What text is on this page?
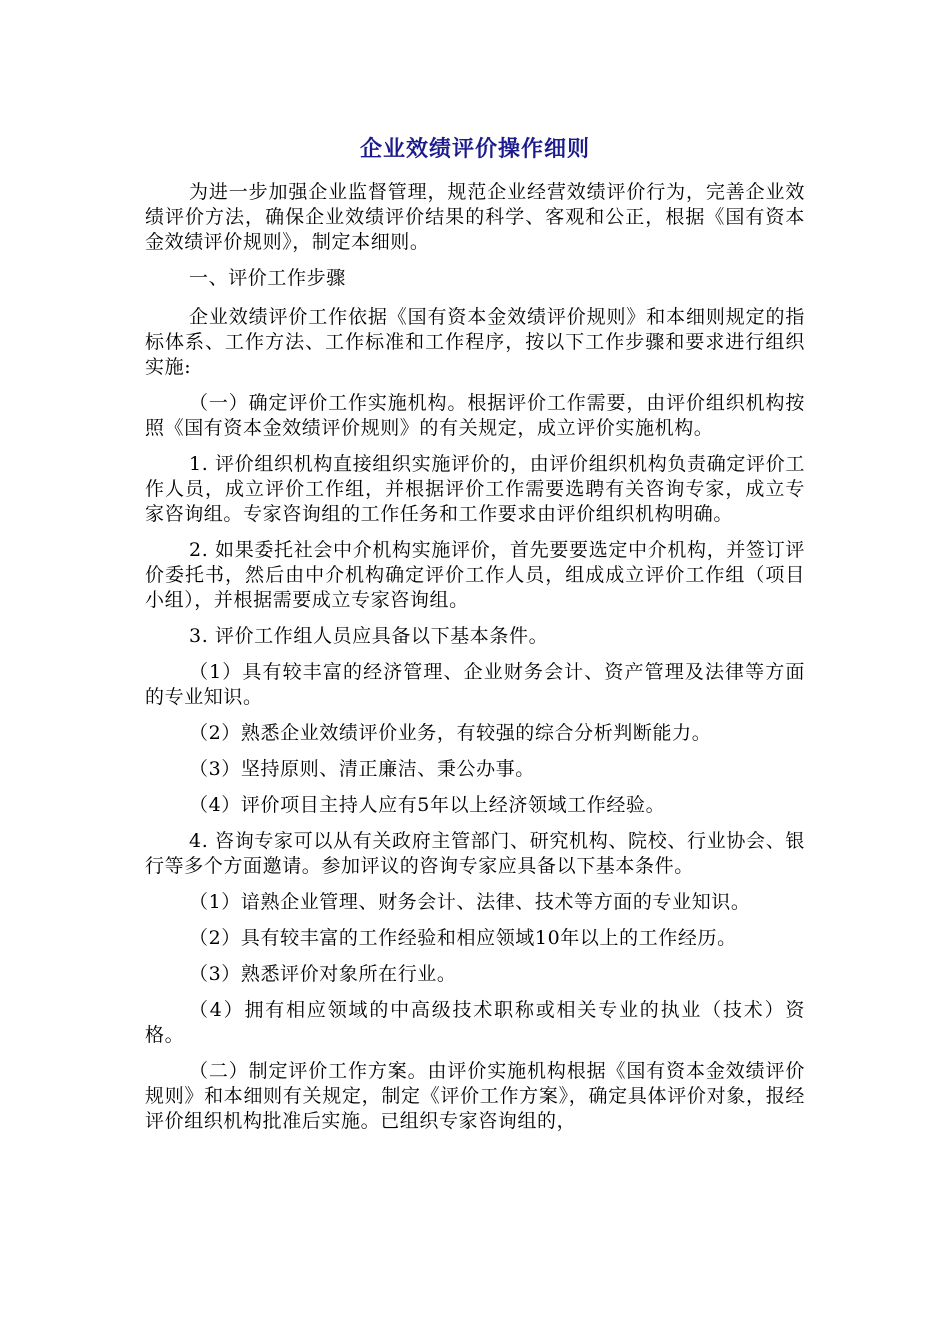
企业效绩评价操作细则

为进一步加强企业监督管理，规范企业经营效绩评价行为，完善企业效绩评价方法，确保企业效绩评价结果的科学、客观和公正，根据《国有资本金效绩评价规则》，制定本细则。

一、评价工作步骤

企业效绩评价工作依据《国有资本金效绩评价规则》和本细则规定的指标体系、工作方法、工作标准和工作程序，按以下工作步骤和要求进行组织实施:

（一）确定评价工作实施机构。根据评价工作需要，由评价组织机构按照《国有资本金效绩评价规则》的有关规定，成立评价实施机构。

1. 评价组织机构直接组织实施评价的，由评价组织机构负责确定评价工作人员，成立评价工作组，并根据评价工作需要选聘有关咨询专家，成立专家咨询组。专家咨询组的工作任务和工作要求由评价组织机构明确。

2. 如果委托社会中介机构实施评价，首先要要选定中介机构，并签订评价委托书，然后由中介机构确定评价工作人员，组成成立评价工作组（项目小组），并根据需要成立专家咨询组。

3. 评价工作组人员应具备以下基本条件。

（1）具有较丰富的经济管理、企业财务会计、资产管理及法律等方面的专业知识。

（2）熟悉企业效绩评价业务，有较强的综合分析判断能力。

（3）坚持原则、清正廉洁、秉公办事。

（4）评价项目主持人应有5年以上经济领域工作经验。

4. 咨询专家可以从有关政府主管部门、研究机构、院校、行业协会、银行等多个方面邀请。参加评议的咨询专家应具备以下基本条件。

（1）谙熟企业管理、财务会计、法律、技术等方面的专业知识。

（2）具有较丰富的工作经验和相应领域10年以上的工作经历。

（3）熟悉评价对象所在行业。

（4）拥有相应领域的中高级技术职称或相关专业的执业（技术）资格。

（二）制定评价工作方案。由评价实施机构根据《国有资本金效绩评价规则》和本细则有关规定，制定《评价工作方案》，确定具体评价对象，报经评价组织机构批准后实施。已组织专家咨询组的，
